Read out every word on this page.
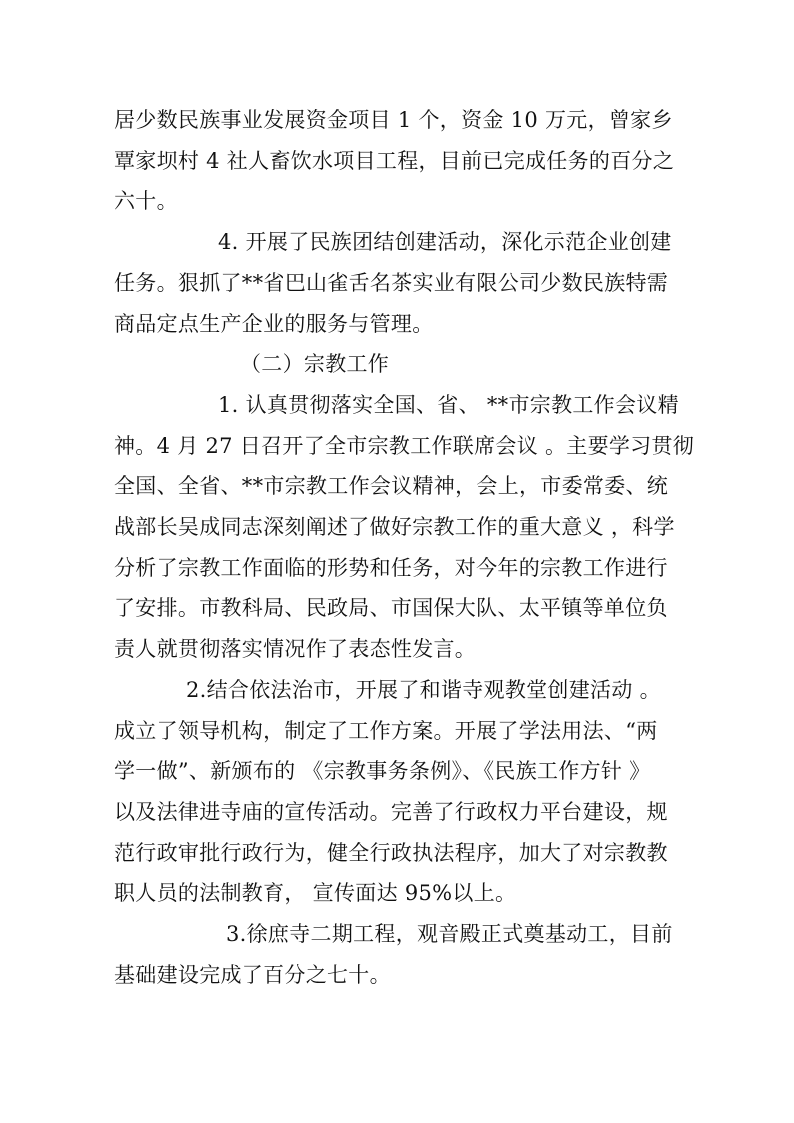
居少数民族事业发展资金项目 1 个，资金 10 万元，曾家乡
覃家坝村 4 社人畜饮水项目工程，目前已完成任务的百分之
六十。
4. 开展了民族团结创建活动，深化示范企业创建
任务。狠抓了**省巴山雀舌名茶实业有限公司少数民族特需
商品定点生产企业的服务与管理。
（二）宗教工作
1. 认真贯彻落实全国、省、 **市宗教工作会议精
神。4 月 27 日召开了全市宗教工作联席会议 。主要学习贯彻
全国、全省、**市宗教工作会议精神，会上，市委常委、统
战部长吴成同志深刻阐述了做好宗教工作的重大意义 ，科学
分析了宗教工作面临的形势和任务，对今年的宗教工作进行
了安排。市教科局、民政局、市国保大队、太平镇等单位负
责人就贯彻落实情况作了表态性发言。
2.结合依法治市，开展了和谐寺观教堂创建活动 。
成立了领导机构，制定了工作方案。开展了学法用法、“两
学一做”、新颁布的 《宗教事务条例》、《民族工作方针 》
以及法律进寺庙的宣传活动。完善了行政权力平台建设，规
范行政审批行政行为，健全行政执法程序，加大了对宗教教
职人员的法制教育， 宣传面达 95%以上。
3.徐庶寺二期工程，观音殿正式奠基动工，目前
基础建设完成了百分之七十。
